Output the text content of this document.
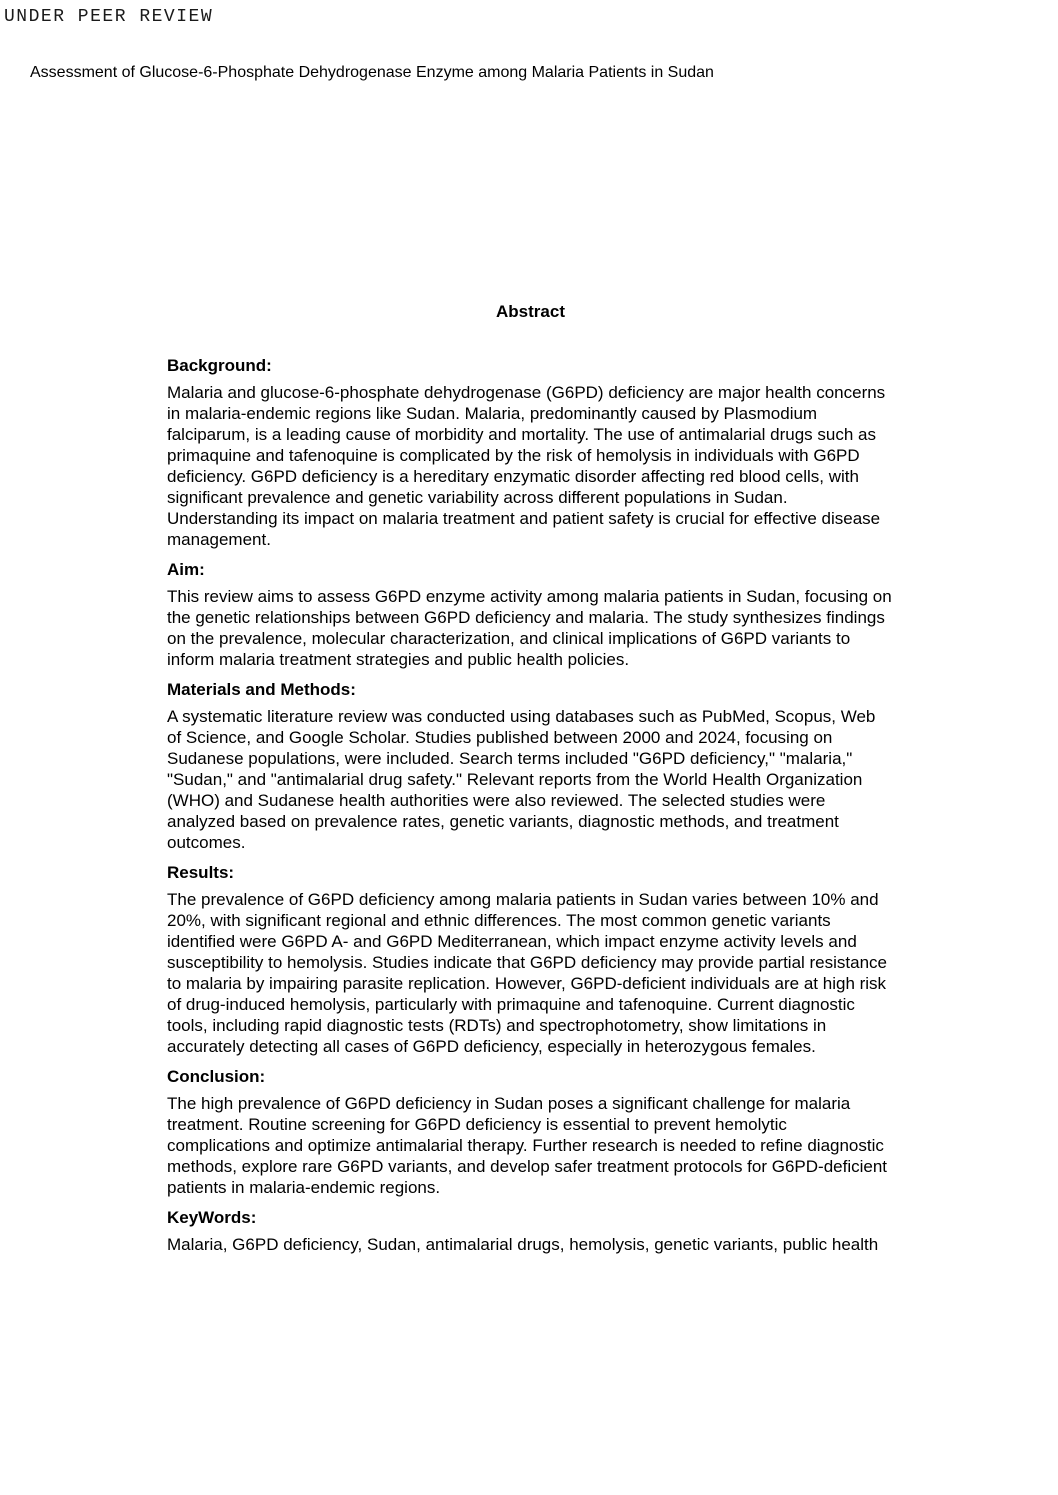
UNDER PEER REVIEW
Assessment of Glucose-6-Phosphate Dehydrogenase Enzyme among Malaria Patients in Sudan
Abstract
Background:

Malaria and glucose-6-phosphate dehydrogenase (G6PD) deficiency are major health concerns in malaria-endemic regions like Sudan. Malaria, predominantly caused by Plasmodium falciparum, is a leading cause of morbidity and mortality. The use of antimalarial drugs such as primaquine and tafenoquine is complicated by the risk of hemolysis in individuals with G6PD deficiency. G6PD deficiency is a hereditary enzymatic disorder affecting red blood cells, with significant prevalence and genetic variability across different populations in Sudan. Understanding its impact on malaria treatment and patient safety is crucial for effective disease management.

Aim:

This review aims to assess G6PD enzyme activity among malaria patients in Sudan, focusing on the genetic relationships between G6PD deficiency and malaria. The study synthesizes findings on the prevalence, molecular characterization, and clinical implications of G6PD variants to inform malaria treatment strategies and public health policies.

Materials and Methods:

A systematic literature review was conducted using databases such as PubMed, Scopus, Web of Science, and Google Scholar. Studies published between 2000 and 2024, focusing on Sudanese populations, were included. Search terms included "G6PD deficiency," "malaria," "Sudan," and "antimalarial drug safety." Relevant reports from the World Health Organization (WHO) and Sudanese health authorities were also reviewed. The selected studies were analyzed based on prevalence rates, genetic variants, diagnostic methods, and treatment outcomes.

Results:

The prevalence of G6PD deficiency among malaria patients in Sudan varies between 10% and 20%, with significant regional and ethnic differences. The most common genetic variants identified were G6PD A- and G6PD Mediterranean, which impact enzyme activity levels and susceptibility to hemolysis. Studies indicate that G6PD deficiency may provide partial resistance to malaria by impairing parasite replication. However, G6PD-deficient individuals are at high risk of drug-induced hemolysis, particularly with primaquine and tafenoquine. Current diagnostic tools, including rapid diagnostic tests (RDTs) and spectrophotometry, show limitations in accurately detecting all cases of G6PD deficiency, especially in heterozygous females.

Conclusion:

The high prevalence of G6PD deficiency in Sudan poses a significant challenge for malaria treatment. Routine screening for G6PD deficiency is essential to prevent hemolytic complications and optimize antimalarial therapy. Further research is needed to refine diagnostic methods, explore rare G6PD variants, and develop safer treatment protocols for G6PD-deficient patients in malaria-endemic regions.

KeyWords:

Malaria, G6PD deficiency, Sudan, antimalarial drugs, hemolysis, genetic variants, public health
